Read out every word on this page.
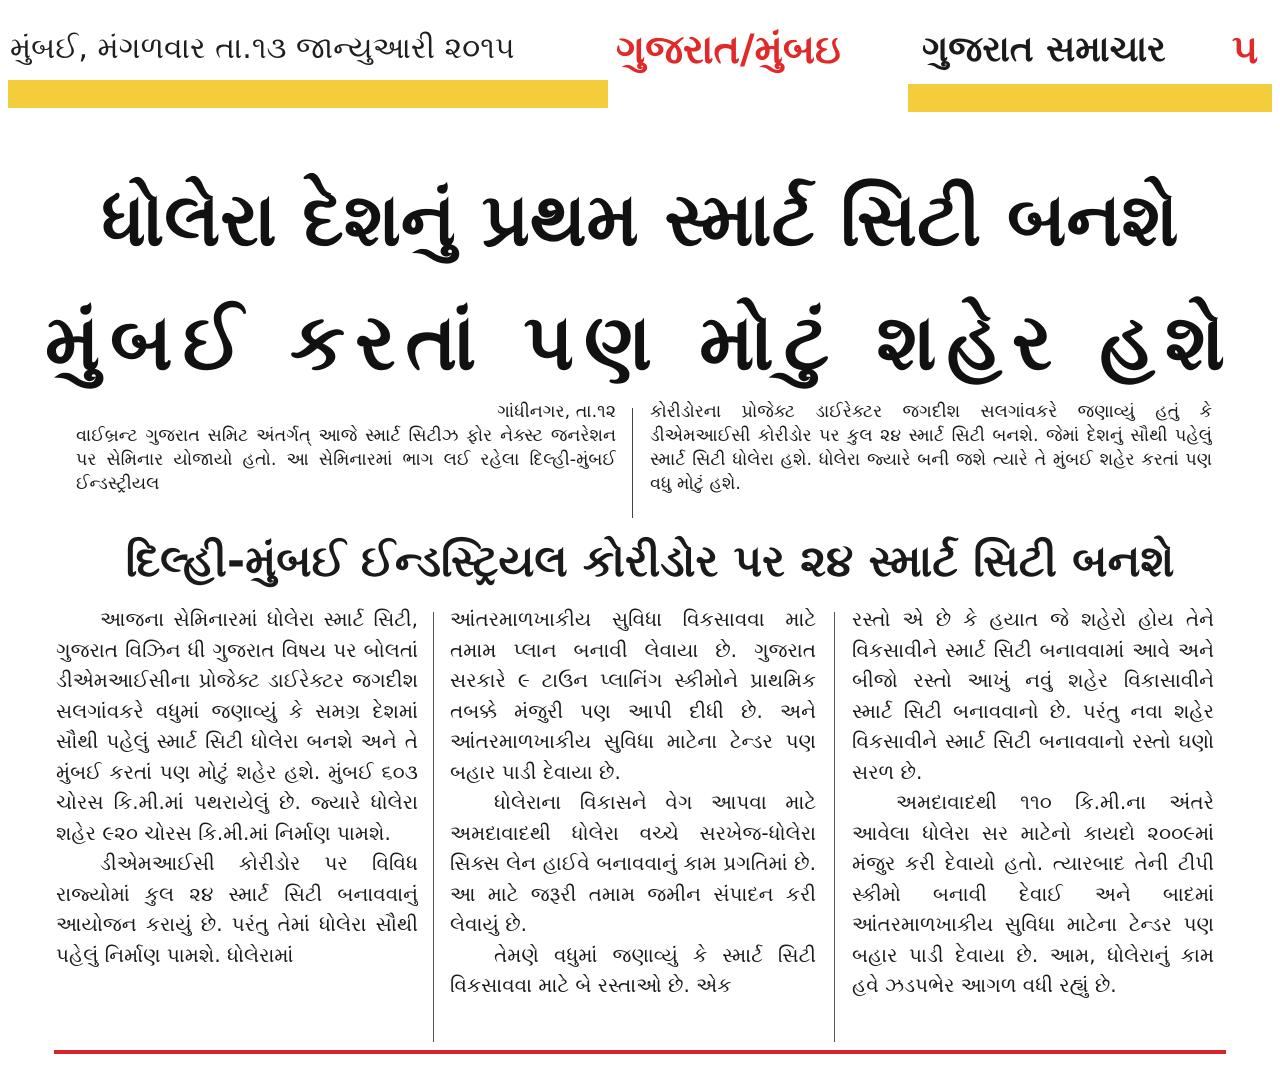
મુંબઈ, મંગળવાર તા.૧૩ જાન્યુઆરી ૨૦૧૫	ગુજરાત/મુંબઇ	ગુજરાત સમાચાર	૫
ધોલેરા દેશનું પ્રથમ સ્માર્ટ સિટી બનશે
મુંબઈ કરતાં પણ મોટું શહેર હશે
ગાંધીનગર, તા.૧૨
વાઈબ્રન્ટ ગુજરાત સમિટ અંતર્ગત્ આજે સ્માર્ટ સિટીઝ ફોર નેક્સ્ટ જનરેશન પર સેમિનાર યોજાયો હતો. આ સેમિનારમાં ભાગ લઈ રહેલા દિલ્હી-મુંબઈ ઈન્ડસ્ટ્રીયલ
કોરીડોરના પ્રોજેક્ટ ડાઈરેક્ટર જગદીશ સલગાંવકરે જણાવ્યું હતું કે ડીએમઆઈસી કોરીડોર પર કુલ ૨૪ સ્માર્ટ સિટી બનશે. જેમાં દેશનું સૌથી પહેલું સ્માર્ટ સિટી ધોલેરા હશે. ધોલેરા જ્યારે બની જશે ત્યારે તે મુંબઈ શહેર કરતાં પણ વધુ મોટું હશે.
દિલ્હી-મુંબઈ ઈન્ડસ્ટ્રિયલ કોરીડોર પર ૨૪ સ્માર્ટ સિટી બનશે

આજના સેમિનારમાં ધોલેરા સ્માર્ટ સિટી, ગુજરાત વિઝિન ધી ગુજરાત વિષય પર બોલતાં ડીએમઆઈસીના પ્રોજેક્ટ ડાઈરેક્ટર જગદીશ સલગાંવકરે વધુમાં જણાવ્યું કે સમગ્ર દેશમાં સૌથી પહેલું સ્માર્ટ સિટી ધોલેરા બનશે અને તે મુંબઈ કરતાં પણ મોટું શહેર હશે. મુંબઈ ૬૦૩ ચોરસ કિ.મી.માં પથરાયેલું છે. જ્યારે ધોલેરા શહેર ૯૨૦ ચોરસ કિ.મી.માં નિર્માણ પામશે.

ડીએમઆઈસી કોરીડોર પર વિવિધ રાજ્યોમાં કુલ ૨૪ સ્માર્ટ સિટી બનાવવાનું આયોજન કરાયું છે. પરંતુ તેમાં ધોલેરા સૌથી પહેલું નિર્માણ પામશે. ધોલેરામાં

આંતરમાળખાકીય સુવિધા વિકસાવવા માટે તમામ પ્લાન બનાવી લેવાયા છે. ગુજરાત સરકારે ૯ ટાઉન પ્લાનિંગ સ્કીમોને પ્રાથમિક તબક્કે મંજુરી પણ આપી દીધી છે. અને આંતરમાળખાકીય સુવિધા માટેના ટેન્ડર પણ બહાર પાડી દેવાયા છે.

ધોલેરાના વિકાસને વેગ આપવા માટે અમદાવાદથી ધોલેરા વચ્ચે સરખેજ-ધોલેરા સિક્સ લેન હાઈવે બનાવવાનું કામ પ્રગતિમાં છે. આ માટે જરૂરી તમામ જમીન સંપાદન કરી લેવાયું છે.

તેમણે વધુમાં જણાવ્યું કે સ્માર્ટ સિટી વિકસાવવા માટે બે રસ્તાઓ છે. એક

રસ્તો એ છે કે હયાત જે શહેરો હોય તેને વિકસાવીને સ્માર્ટ સિટી બનાવવામાં આવે અને બીજો રસ્તો આખું નવું શહેર વિકાસાવીને સ્માર્ટ સિટી બનાવવાનો છે. પરંતુ નવા શહેર વિકસાવીને સ્માર્ટ સિટી બનાવવાનો રસ્તો ઘણો સરળ છે.

અમદાવાદથી ૧૧૦ કિ.મી.ના અંતરે આવેલા ધોલેરા સર માટેનો કાયદો ૨૦૦૯માં મંજુર કરી દેવાયો હતો. ત્યારબાદ તેની ટીપી સ્કીમો બનાવી દેવાઈ અને બાદમાં આંતરમાળખાકીય સુવિધા માટેના ટેન્ડર પણ બહાર પાડી દેવાયા છે. આમ, ધોલેરાનું કામ હવે ઝડપભેર આગળ વધી રહ્યું છે.
